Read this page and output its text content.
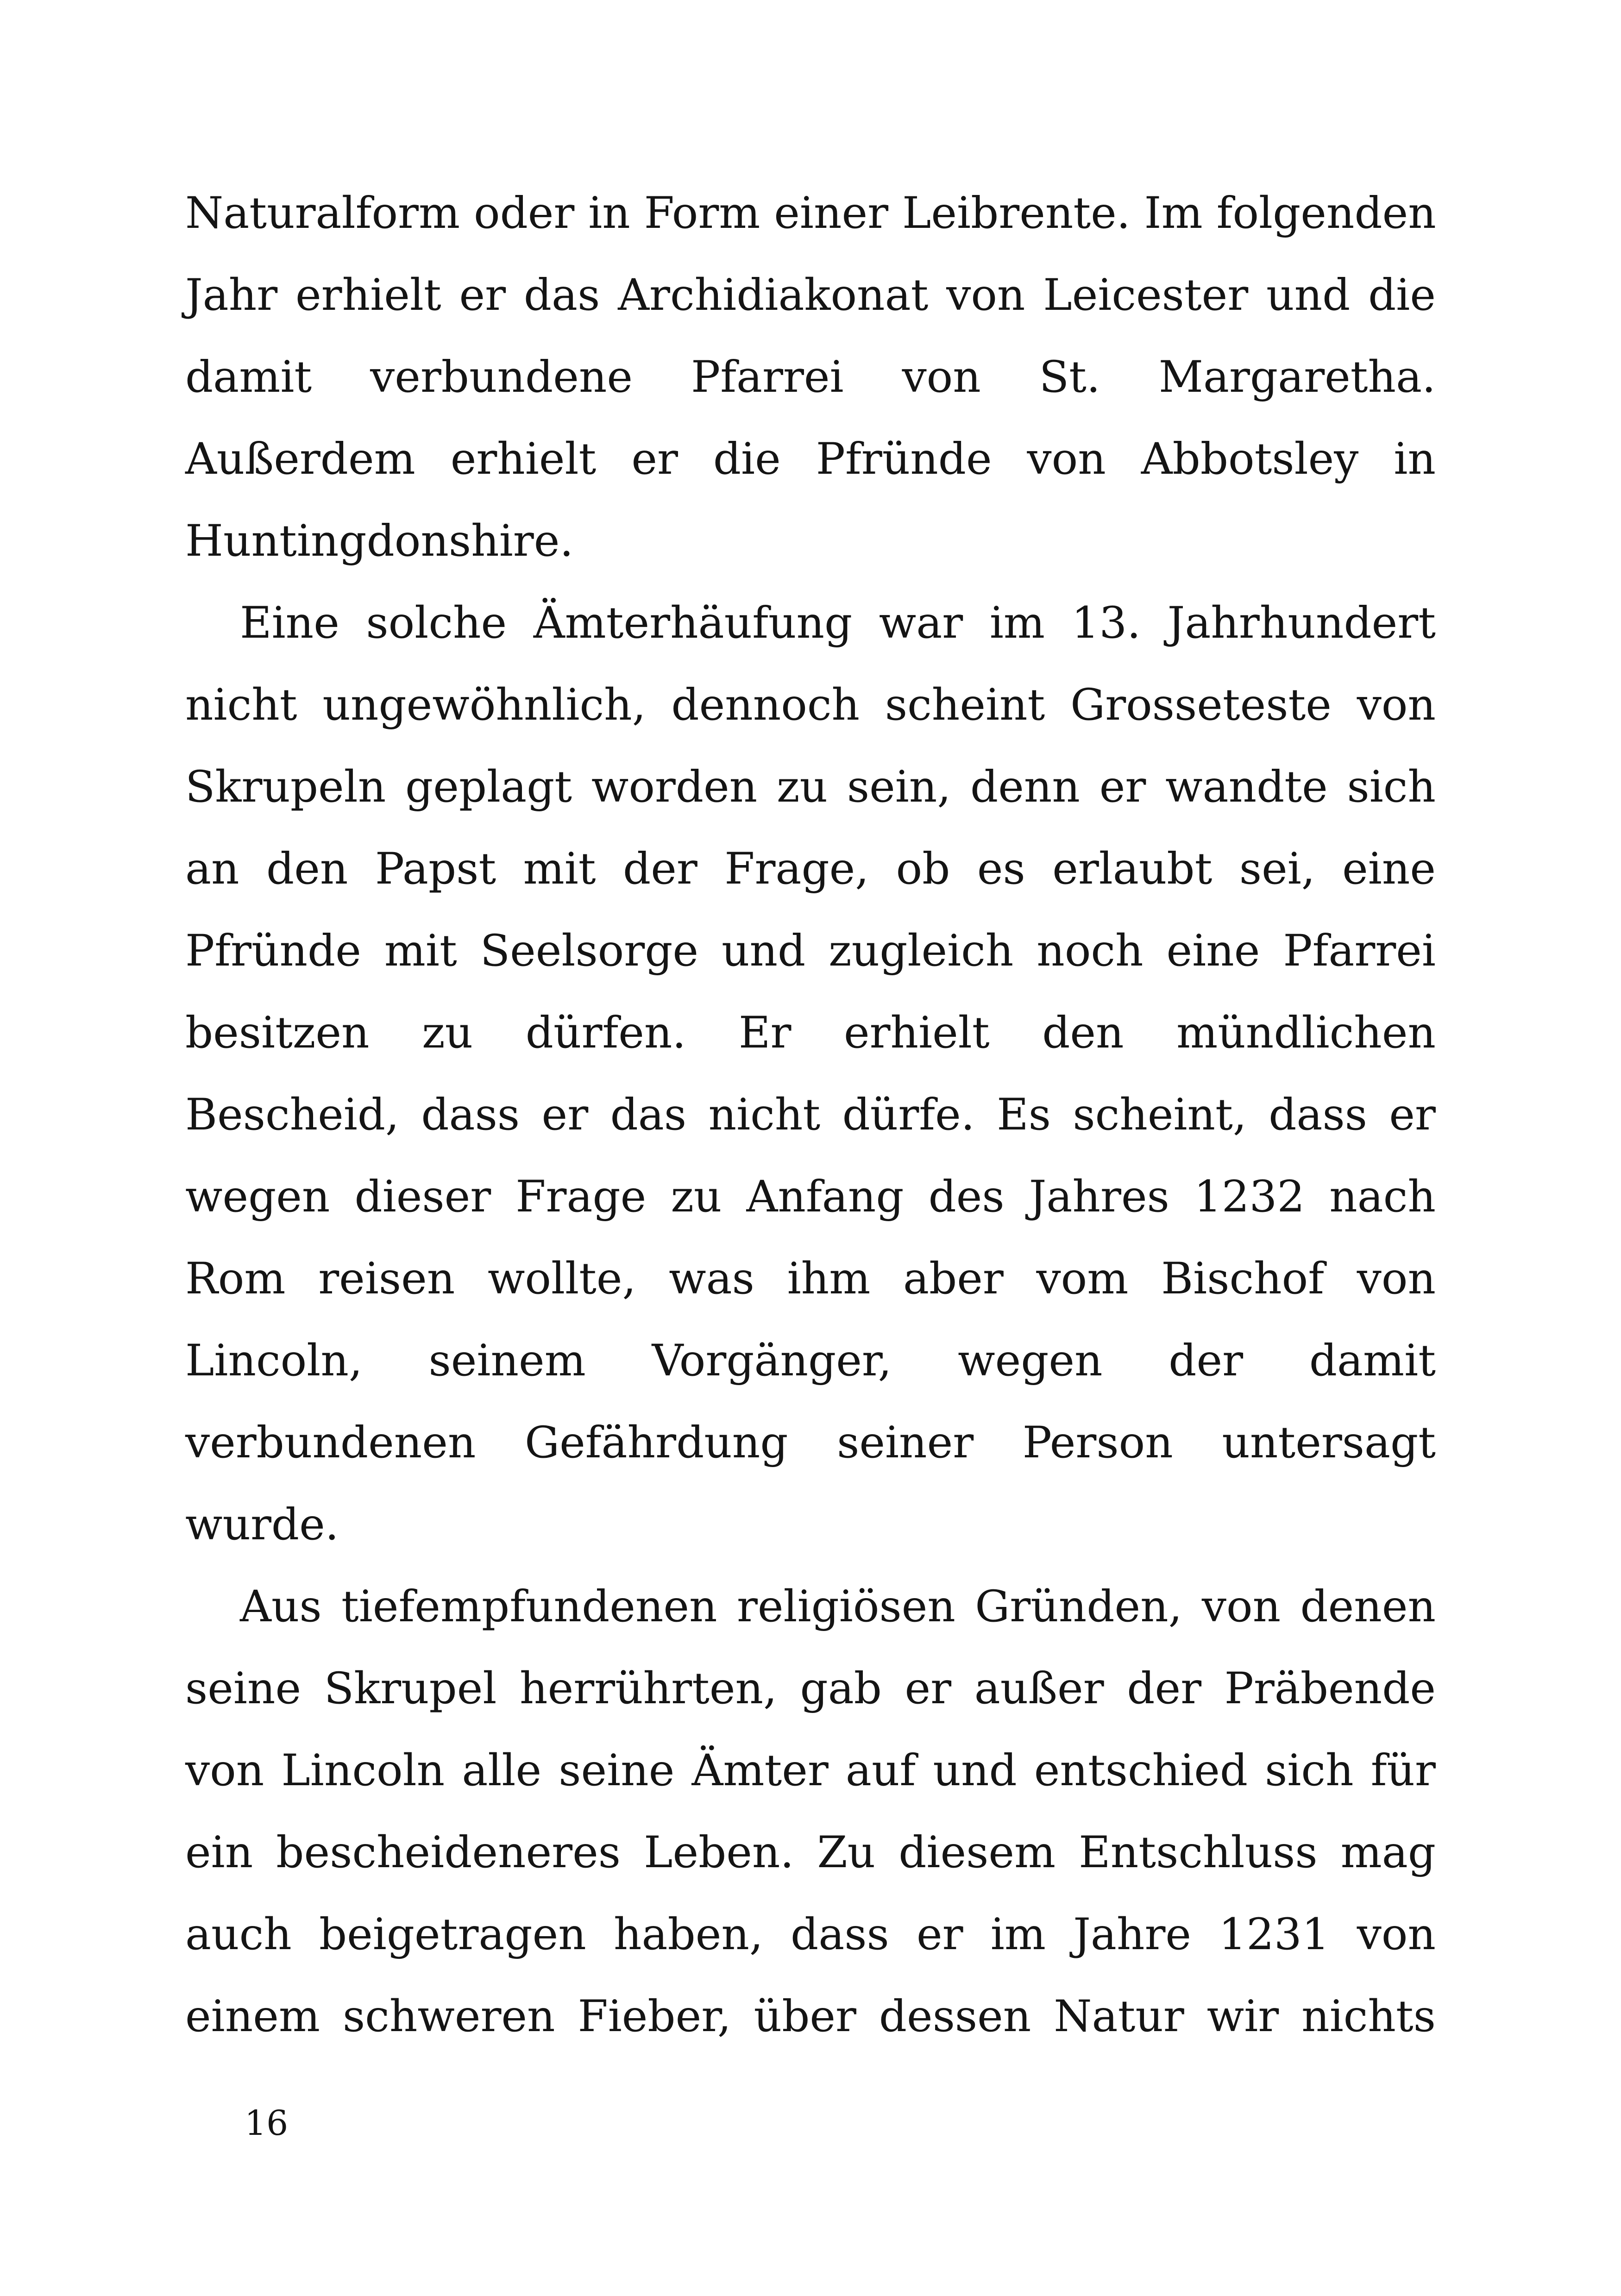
Naturalform oder in Form einer Leibrente. Im folgenden
Jahr erhielt er das Archidiakonat von Leicester und die
damit verbundene Pfarrei von St. Margaretha.
Außerdem erhielt er die Pfründe von Abbotsley in
Huntingdonshire.
Eine solche Ämterhäufung war im 13. Jahrhundert
nicht ungewöhnlich, dennoch scheint Grosseteste von
Skrupeln geplagt worden zu sein, denn er wandte sich
an den Papst mit der Frage, ob es erlaubt sei, eine
Pfründe mit Seelsorge und zugleich noch eine Pfarrei
besitzen zu dürfen. Er erhielt den mündlichen
Bescheid, dass er das nicht dürfe. Es scheint, dass er
wegen dieser Frage zu Anfang des Jahres 1232 nach
Rom reisen wollte, was ihm aber vom Bischof von
Lincoln, seinem Vorgänger, wegen der damit
verbundenen Gefährdung seiner Person untersagt
wurde.
Aus tiefempfundenen religiösen Gründen, von denen
seine Skrupel herrührten, gab er außer der Präbende
von Lincoln alle seine Ämter auf und entschied sich für
ein bescheideneres Leben. Zu diesem Entschluss mag
auch beigetragen haben, dass er im Jahre 1231 von
einem schweren Fieber, über dessen Natur wir nichts
16
